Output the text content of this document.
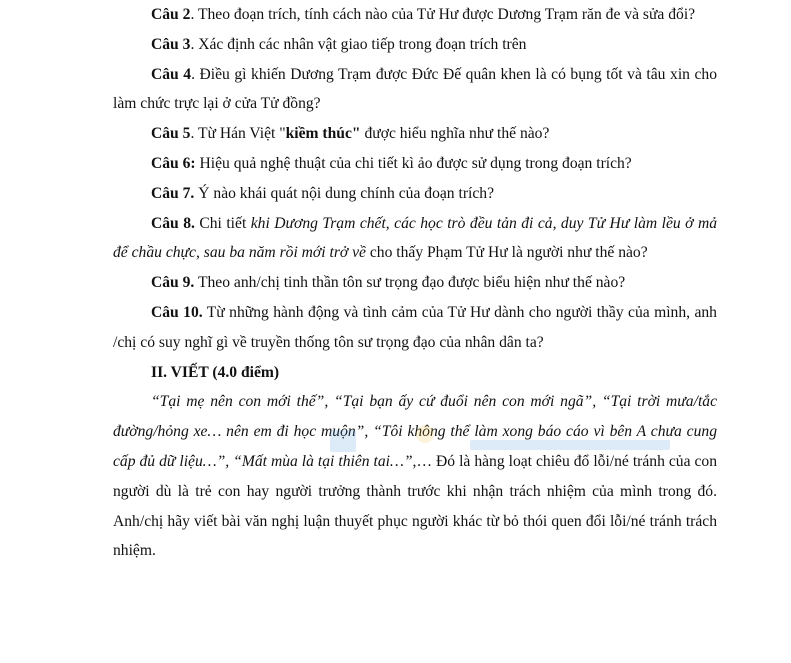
Câu 2. Theo đoạn trích, tính cách nào của Tử Hư được Dương Trạm răn đe và sửa đổi?

Câu 3. Xác định các nhân vật giao tiếp trong đoạn trích trên

Câu 4. Điều gì khiến Dương Trạm được Đức Đế quân khen là có bụng tốt và tâu xin cho làm chức trực lại ở cửa Tử đồng?

Câu 5. Từ Hán Việt "kiềm thúc" được hiểu nghĩa như thế nào?

Câu 6: Hiệu quả nghệ thuật của chi tiết kì ảo được sử dụng trong đoạn trích?

Câu 7. Ý nào khái quát nội dung chính của đoạn trích?

Câu 8. Chi tiết khi Dương Trạm chết, các học trò đều tản đi cả, duy Tử Hư làm lều ở mả để chầu chực, sau ba năm rồi mới trở về cho thấy Phạm Tử Hư là người như thế nào?

Câu 9. Theo anh/chị tinh thần tôn sư trọng đạo được biểu hiện như thế nào?

Câu 10. Từ những hành động và tình cảm của Tử Hư dành cho người thầy của mình, anh /chị có suy nghĩ gì về truyền thống tôn sư trọng đạo của nhân dân ta?

II. VIẾT (4.0 điểm)

“Tại mẹ nên con mới thế”, “Tại bạn ấy cứ đuổi nên con mới ngã”, “Tại trời mưa/tắc đường/hỏng xe… nên em đi học muộn”, “Tôi không thể làm xong báo cáo vì bên A chưa cung cấp đủ dữ liệu…”, “Mất mùa là tại thiên tai…”,… Đó là hàng loạt chiêu đổ lỗi/né tránh của con người dù là trẻ con hay người trưởng thành trước khi nhận trách nhiệm của mình trong đó. Anh/chị hãy viết bài văn nghị luận thuyết phục người khác từ bỏ thói quen đổi lỗi/né tránh trách nhiệm.
